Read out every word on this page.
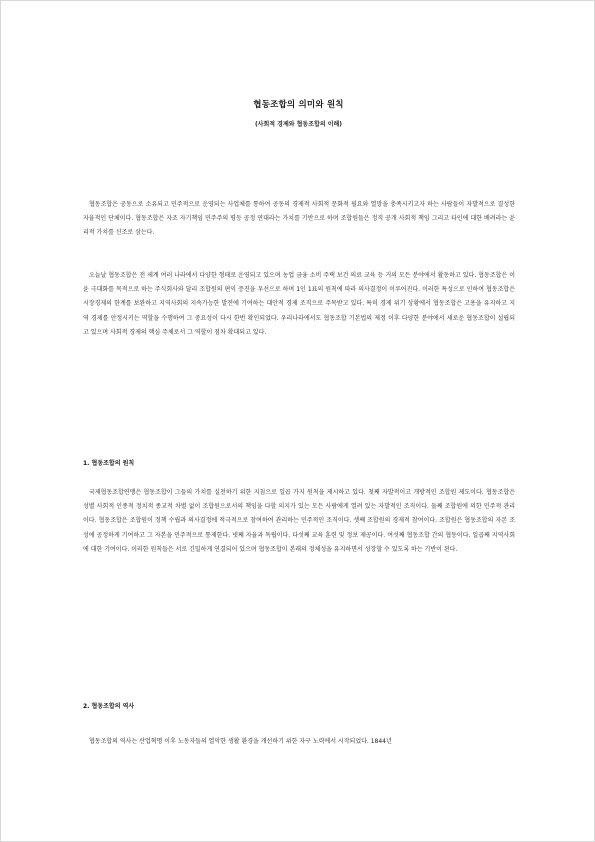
협동조합의 의미와 원칙
(사회적 경제와 협동조합의 이해)
협동조합은 공동으로 소유되고 민주적으로 운영되는 사업체를 통하여 공동의 경제적 사회적 문화적 필요와 열망을 충족시키고자 하는 사람들이 자발적으로 결성한 자율적인 단체이다. 협동조합은 자조 자기책임 민주주의 평등 공정 연대라는 가치를 기반으로 하며 조합원들은 정직 공개 사회적 책임 그리고 타인에 대한 배려라는 윤리적 가치를 신조로 삼는다.
오늘날 협동조합은 전 세계 여러 나라에서 다양한 형태로 운영되고 있으며 농업 금융 소비 주택 보건 의료 교육 등 거의 모든 분야에서 활동하고 있다. 협동조합은 이윤 극대화를 목적으로 하는 주식회사와 달리 조합원의 편익 증진을 우선으로 하며 1인 1표의 원칙에 따라 의사결정이 이루어진다. 이러한 특성으로 인하여 협동조합은 시장경제의 한계를 보완하고 지역사회의 지속가능한 발전에 기여하는 대안적 경제 조직으로 주목받고 있다. 특히 경제 위기 상황에서 협동조합은 고용을 유지하고 지역 경제를 안정시키는 역할을 수행하여 그 중요성이 다시 한번 확인되었다. 우리나라에서도 협동조합 기본법의 제정 이후 다양한 분야에서 새로운 협동조합이 설립되고 있으며 사회적 경제의 핵심 주체로서 그 역할이 점차 확대되고 있다.
1. 협동조합의 원칙
국제협동조합연맹은 협동조합이 그들의 가치를 실천하기 위한 지침으로 일곱 가지 원칙을 제시하고 있다. 첫째 자발적이고 개방적인 조합원 제도이다. 협동조합은 성별 사회적 인종적 정치적 종교적 차별 없이 조합원으로서의 책임을 다할 의지가 있는 모든 사람에게 열려 있는 자발적인 조직이다. 둘째 조합원에 의한 민주적 관리이다. 협동조합은 조합원이 정책 수립과 의사결정에 적극적으로 참여하여 관리하는 민주적인 조직이다. 셋째 조합원의 경제적 참여이다. 조합원은 협동조합의 자본 조성에 공정하게 기여하고 그 자본을 민주적으로 통제한다. 넷째 자율과 독립이다. 다섯째 교육 훈련 및 정보 제공이다. 여섯째 협동조합 간의 협동이다. 일곱째 지역사회에 대한 기여이다. 이러한 원칙들은 서로 긴밀하게 연결되어 있으며 협동조합이 본래의 정체성을 유지하면서 성장할 수 있도록 하는 기반이 된다.
2. 협동조합의 역사
협동조합의 역사는 산업혁명 이후 노동자들의 열악한 생활 환경을 개선하기 위한 자구 노력에서 시작되었다. 1844년
